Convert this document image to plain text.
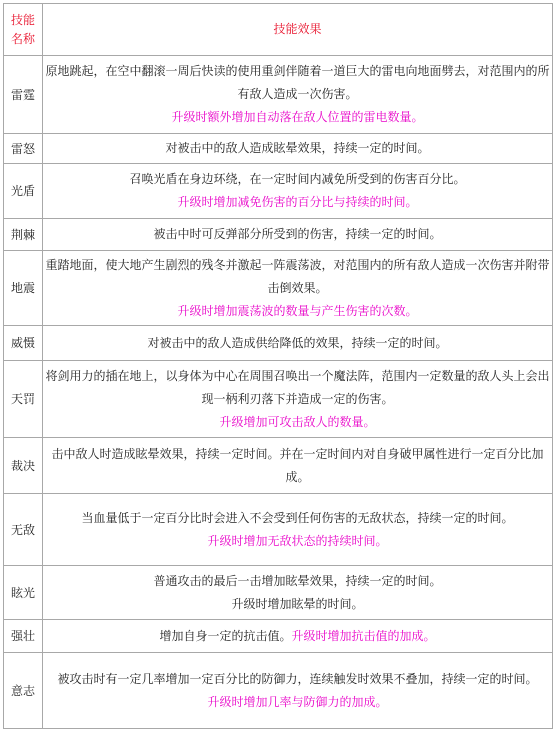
技能
名称	技能效果
雷霆	原地跳起，在空中翻滚一周后快读的使用重剑伴随着一道巨大的雷电向地面劈去，对范围内的所有敌人造成一次伤害。
升级时额外增加自动落在敌人位置的雷电数量。

雷怒	对被击中的敌人造成眩晕效果，持续一定的时间。

光盾	召唤光盾在身边环绕，在一定时间内减免所受到的伤害百分比。
升级时增加减免伤害的百分比与持续的时间。

荆棘	被击中时可反弹部分所受到的伤害，持续一定的时间。

地震	重踏地面，使大地产生剧烈的残冬并激起一阵震荡波，对范围内的所有敌人造成一次伤害并附带击倒效果。
升级时增加震荡波的数量与产生伤害的次数。

威慑	对被击中的敌人造成供给降低的效果，持续一定的时间。

天罚	将剑用力的插在地上，以身体为中心在周围召唤出一个魔法阵，范围内一定数量的敌人头上会出现一柄利刃落下并造成一定的伤害。
升级增加可攻击敌人的数量。

裁决	击中敌人时造成眩晕效果，持续一定时间。并在一定时间内对自身破甲属性进行一定百分比加成。

无敌	当血量低于一定百分比时会进入不会受到任何伤害的无敌状态，持续一定的时间。
升级时增加无敌状态的持续时间。

眩光	普通攻击的最后一击增加眩晕效果，持续一定的时间。
升级时增加眩晕的时间。

强壮	增加自身一定的抗击值。升级时增加抗击值的加成。
意志	被攻击时有一定几率增加一定百分比的防御力，连续触发时效果不叠加，持续一定的时间。
升级时增加几率与防御力的加成。
